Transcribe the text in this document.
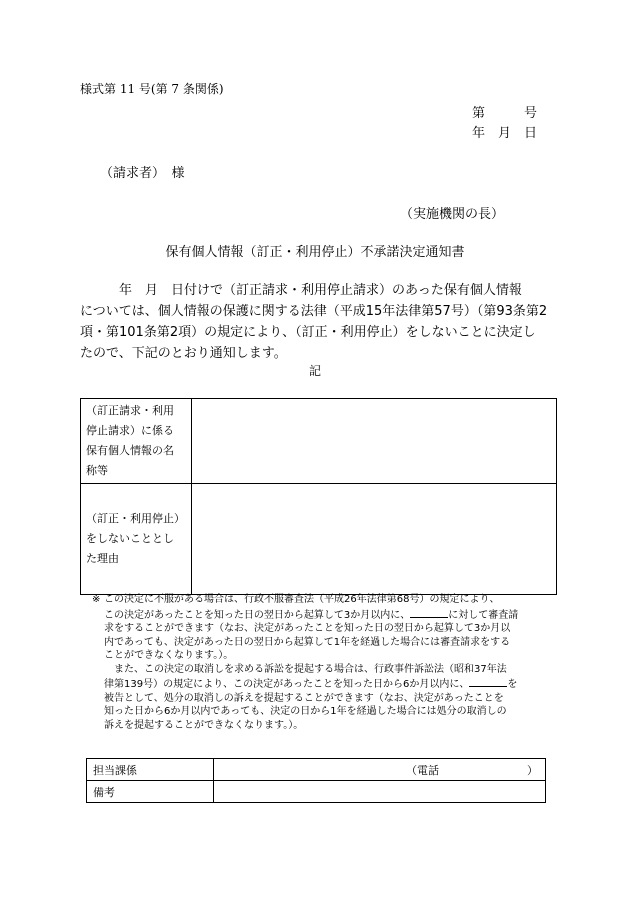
様式第 11 号(第 7 条関係)
第　　　号
年　月　日
（請求者）　様
（実施機関の長）
保有個人情報（訂正・利用停止）不承諾決定通知書

　　　年　月　日付けで（訂正請求・利用停止請求）のあった保有個人情報

については、個人情報の保護に関する法律（平成15年法律第57号）（第93条第2

項・第101条第2項）の規定により、（訂正・利用停止）をしないことに決定し

たので、下記のとおり通知します。

記
（訂正請求・利用
停止請求）に係る
保有個人情報の名
称等	

（訂正・利用停止）
をしないこととし
た理由	

※ この決定に不服がある場合は、行政不服審査法（平成26年法律第68号）の規定により、

この決定があったことを知った日の翌日から起算して3か月以内に、	に対して審査請

求をすることができます（なお、決定があったことを知った日の翌日から起算して3か月以

内であっても、決定があった日の翌日から起算して1年を経過した場合には審査請求をする

ことができなくなります。）。

　また、この決定の取消しを求める訴訟を提起する場合は、行政事件訴訟法（昭和37年法

律第139号）の規定により、この決定があったことを知った日から6か月以内に、	を

被告として、処分の取消しの訴えを提起することができます（なお、決定があったことを

知った日から6か月以内であっても、決定の日から1年を経過した場合には処分の取消しの

訴えを提起することができなくなります。）。

担当課係	（電話　　　　　　　　）
備考	
